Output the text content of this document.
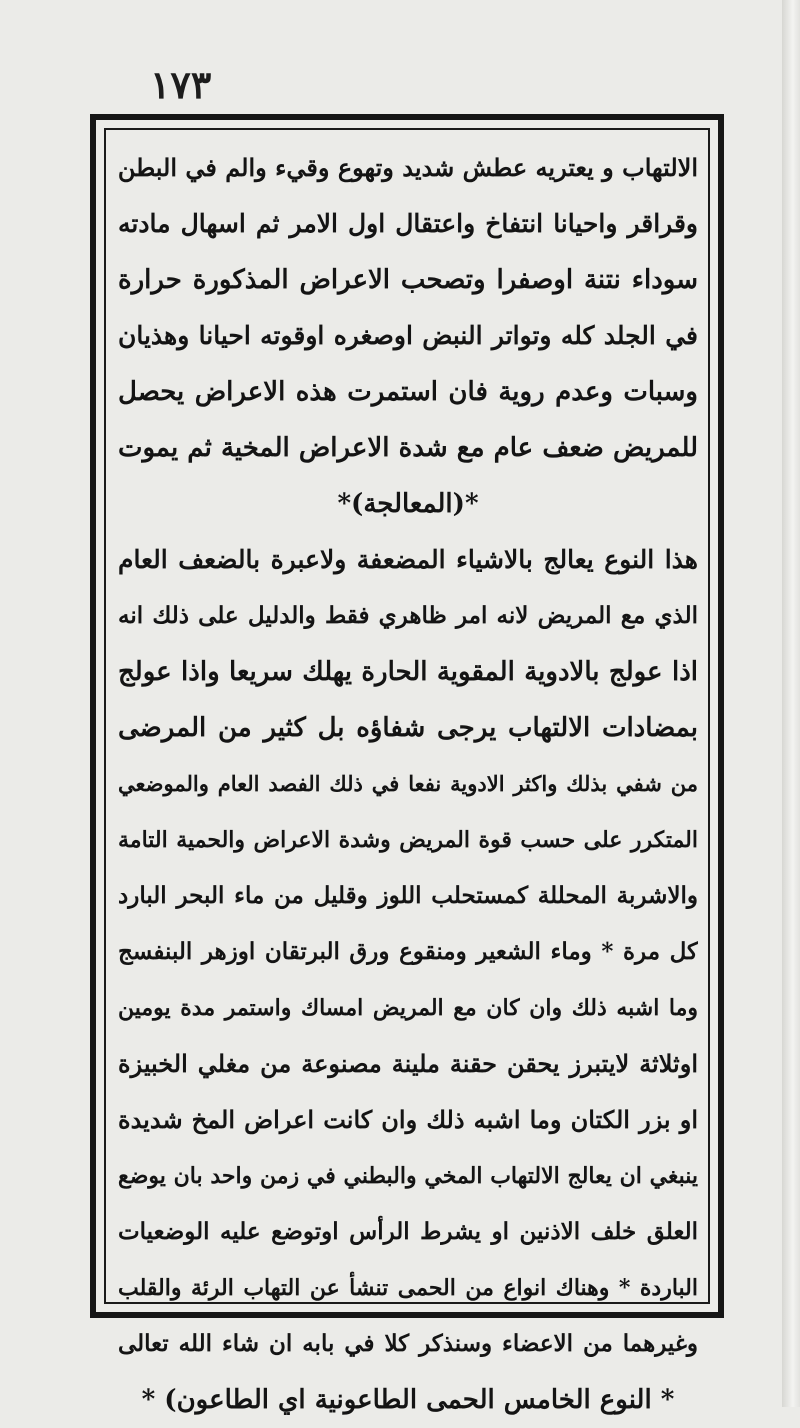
١٧٣
الالتهاب و يعتريه عطش شديد وتهوع وقيء والم في البطن
وقراقر واحيانا انتفاخ واعتقال اول الامر ثم اسهال مادته
سوداء نتنة اوصفرا وتصحب الاعراض المذكورة حرارة
في الجلد كله وتواتر النبض اوصغره اوقوته احيانا وهذيان
وسبات وعدم روية فان استمرت هذه الاعراض يحصل
للمريض ضعف عام مع شدة الاعراض المخية ثم يموت
*(المعالجة)*
هذا النوع يعالج بالاشياء المضعفة ولاعبرة بالضعف العام
الذي مع المريض لانه امر ظاهري فقط والدليل على ذلك انه
اذا عولج بالادوية المقوية الحارة يهلك سريعا واذا عولج
بمضادات الالتهاب يرجى شفاؤه بل كثير من المرضى
من شفي بذلك واكثر الادوية نفعا في ذلك الفصد العام والموضعي
المتكرر على حسب قوة المريض وشدة الاعراض والحمية التامة
والاشربة المحللة كمستحلب اللوز وقليل من ماء البحر البارد
كل مرة * وماء الشعير ومنقوع ورق البرتقان اوزهر البنفسج
وما اشبه ذلك وان كان مع المريض امساك واستمر مدة يومين
اوثلاثة لايتبرز يحقن حقنة ملينة مصنوعة من مغلي الخبيزة
او بزر الكتان وما اشبه ذلك وان كانت اعراض المخ شديدة
ينبغي ان يعالج الالتهاب المخي والبطني في زمن واحد بان يوضع
العلق خلف الاذنين او يشرط الرأس اوتوضع عليه الوضعيات
الباردة * وهناك انواع من الحمى تنشأ عن التهاب الرئة والقلب
وغيرهما من الاعضاء وسنذكر كلا في بابه ان شاء الله تعالى
* النوع الخامس الحمى الطاعونية اي الطاعون) *
